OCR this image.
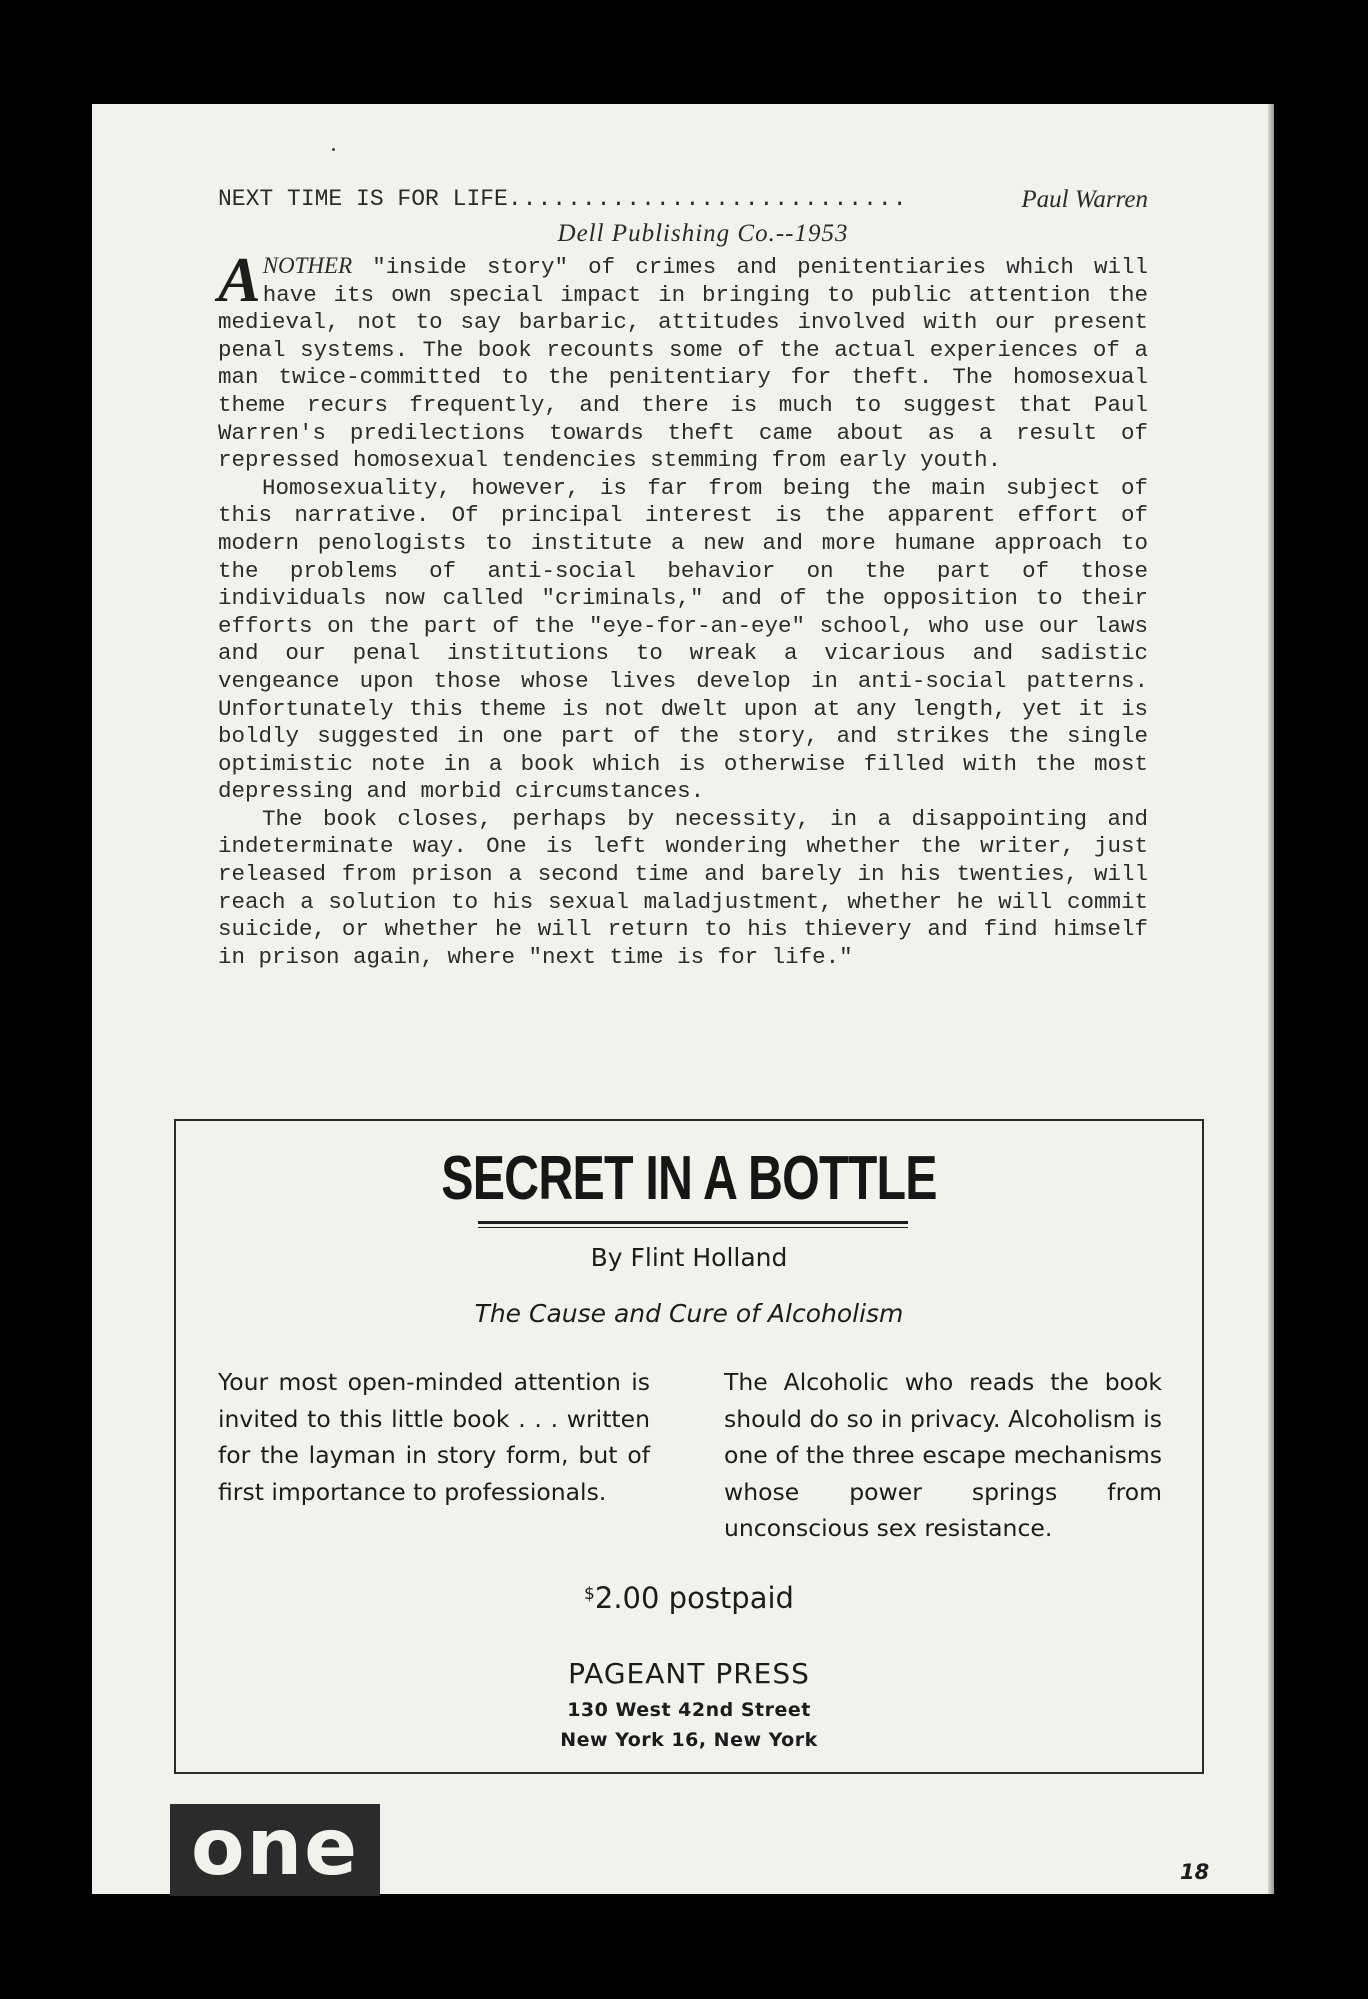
NEXT TIME IS FOR LIFE ...........................	Paul Warren
Dell Publishing Co.--1953

ANOTHER "inside story" of crimes and penitentiaries which will have its own special impact in bringing to public attention the medieval, not to say barbaric, attitudes involved with our present penal systems. The book recounts some of the actual experiences of a man twice-committed to the penitentiary for theft. The homosexual theme recurs frequently, and there is much to suggest that Paul Warren's predilections towards theft came about as a result of repressed homosexual tendencies stemming from early youth.

Homosexuality, however, is far from being the main subject of this narrative. Of principal interest is the apparent effort of modern penologists to institute a new and more humane approach to the problems of anti-social behavior on the part of those individuals now called "criminals," and of the opposition to their efforts on the part of the "eye-for-an-eye" school, who use our laws and our penal institutions to wreak a vicarious and sadistic vengeance upon those whose lives develop in anti-social patterns. Unfortunately this theme is not dwelt upon at any length, yet it is boldly suggested in one part of the story, and strikes the single optimistic note in a book which is otherwise filled with the most depressing and morbid circumstances.

The book closes, perhaps by necessity, in a disappointing and indeterminate way. One is left wondering whether the writer, just released from prison a second time and barely in his twenties, will reach a solution to his sexual maladjustment, whether he will commit suicide, or whether he will return to his thievery and find himself in prison again, where "next time is for life."

SECRET IN A BOTTLE
By Flint Holland
The Cause and Cure of Alcoholism
Your most open-minded attention is invited to this little book . . . written for the layman in story form, but of first importance to professionals.
The Alcoholic who reads the book should do so in privacy. Alcoholism is one of the three escape mechanisms whose power springs from unconscious sex resistance.
$2.00 postpaid
PAGEANT PRESS
130 West 42nd Street
New York 16, New York
one	18
